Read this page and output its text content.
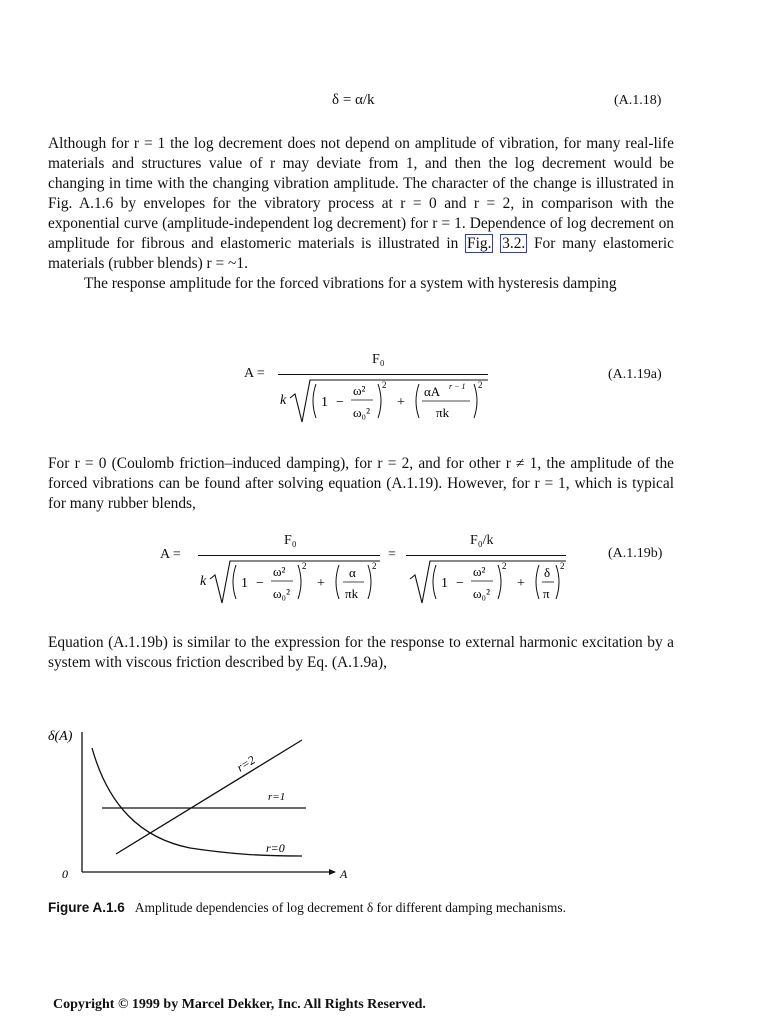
δ = α/k	(A.1.18)

Although for r = 1 the log decrement does not depend on amplitude of vibration, for many real-life materials and structures value of r may deviate from 1, and then the log decrement would be changing in time with the changing vibration amplitude. The character of the change is illustrated in Fig. A.1.6 by envelopes for the vibratory process at r = 0 and r = 2, in comparison with the exponential curve (amplitude-independent log decrement) for r = 1. Dependence of log decrement on amplitude for fibrous and elastomeric materials is illustrated in Fig. 3.2. For many elastomeric materials (rubber blends) r = ~1.

The response amplitude for the forced vibrations for a system with hysteresis damping

A =
F₀
k 1 −
ω²
ω₀²
2
+
αA r − 1
πk
2
(A.1.19a)

For r = 0 (Coulomb friction–induced damping), for r = 2, and for other r ≠ 1, the amplitude of the forced vibrations can be found after solving equation (A.1.19). However, for r = 1, which is typical for many rubber blends,

A =
F₀
k 1 −
ω²
ω₀²
2
+
α
πk
2
=
F₀/k
1 −
ω²
ω₀²
2
+
δ
π
2
(A.1.19b)

Equation (A.1.19b) is similar to the expression for the response to external harmonic excitation by a system with viscous friction described by Eq. (A.1.9a),

δ(A)
0	A
r=2
r=1
r=0
Figure A.1.6 Amplitude dependencies of log decrement δ for different damping mechanisms.
Copyright © 1999 by Marcel Dekker, Inc. All Rights Reserved.
